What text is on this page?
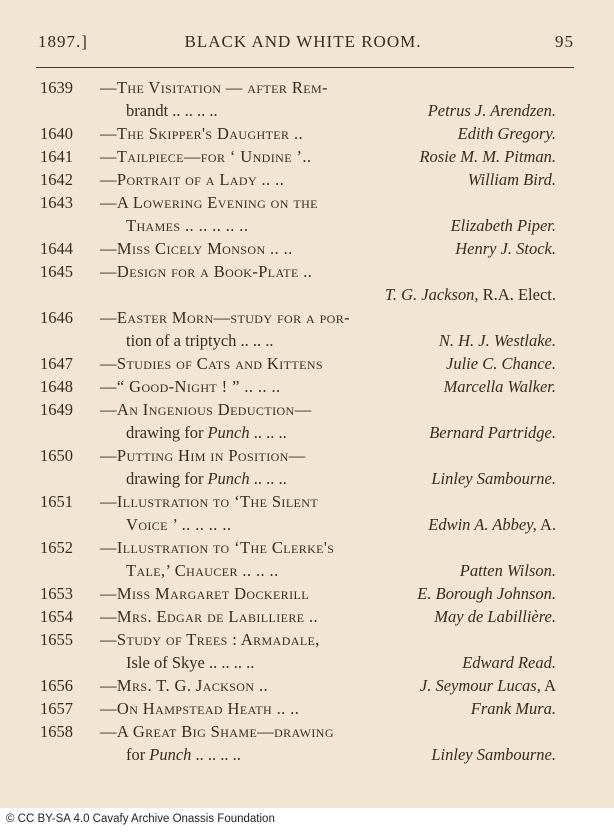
1897.]	BLACK AND WHITE ROOM.	95
1639 —The Visitation — after Rem-
brandt .. .. .. ..	Petrus J. Arendzen.
1640 —The Skipper's Daughter ..	Edith Gregory.
1641 —Tailpiece—for ‘ Undine ’..	Rosie M. M. Pitman.
1642 —Portrait of a Lady .. ..	William Bird.
1643 —A Lowering Evening on the
Thames .. .. .. .. ..	Elizabeth Piper.
1644 —Miss Cicely Monson .. ..	Henry J. Stock.
1645 —Design for a Book-Plate ..
T. G. Jackson, R.A. Elect.
1646 —Easter Morn—study for a por-
tion of a triptych .. .. ..	N. H. J. Westlake.
1647 —Studies of Cats and Kittens	Julie C. Chance.
1648 —“ Good-Night ! ” .. .. ..	Marcella Walker.
1649 —An Ingenious Deduction—
drawing for Punch .. .. ..	Bernard Partridge.
1650 —Putting Him in Position—
drawing for Punch .. .. ..	Linley Sambourne.
1651 —Illustration to ‘The Silent
Voice ’ .. .. .. ..	Edwin A. Abbey, A.
1652 —Illustration to ‘The Clerke's
Tale,’ Chaucer .. .. ..	Patten Wilson.
1653 —Miss Margaret Dockerill	E. Borough Johnson.
1654 —Mrs. Edgar de Labilliere ..	May de Labillière.
1655 —Study of Trees : Armadale,
Isle of Skye .. .. .. ..	Edward Read.
1656 —Mrs. T. G. Jackson ..	J. Seymour Lucas, A
1657 —On Hampstead Heath .. ..	Frank Mura.
1658 —A Great Big Shame—drawing
for Punch .. .. .. ..	Linley Sambourne.
© CC BY-SA 4.0 Cavafy Archive Onassis Foundation
